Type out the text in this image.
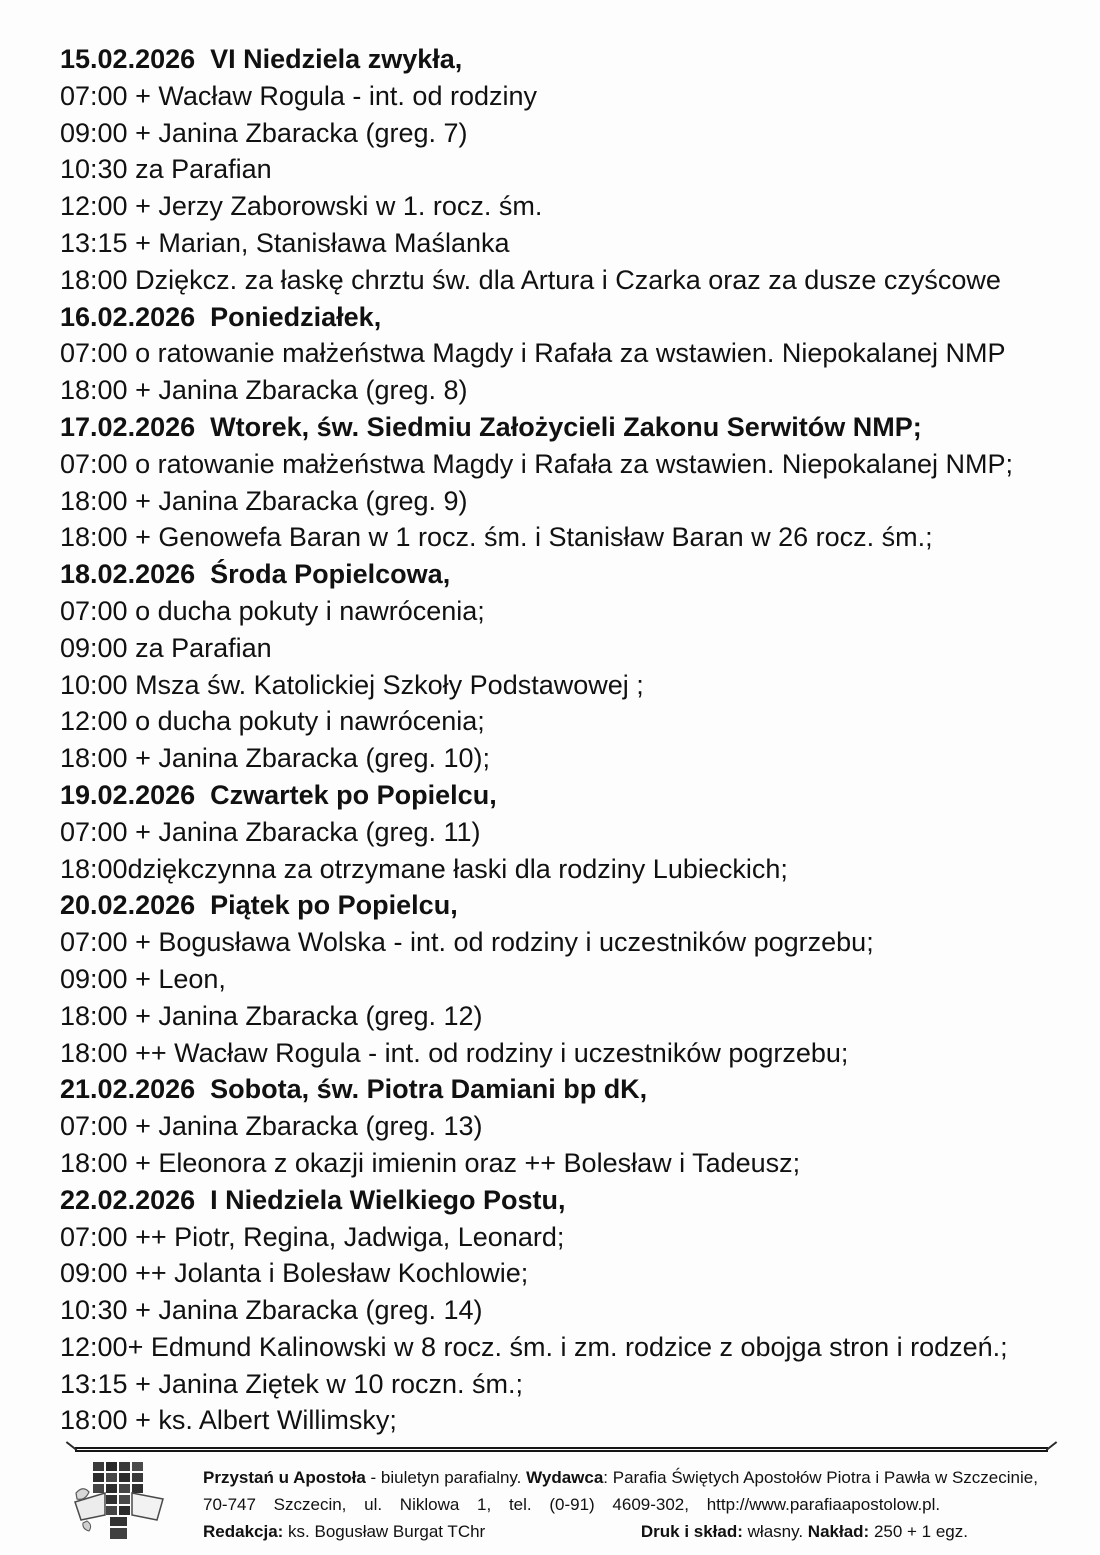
15.02.2026  VI Niedziela zwykła,

07:00 + Wacław Rogula - int. od rodziny

09:00 + Janina Zbaracka (greg. 7)

10:30 za Parafian

12:00 + Jerzy Zaborowski w 1. rocz. śm.

13:15 + Marian, Stanisława Maślanka

18:00 Dziękcz. za łaskę chrztu św. dla Artura i Czarka oraz za dusze czyścowe

16.02.2026  Poniedziałek,

07:00 o ratowanie małżeństwa Magdy i Rafała za wstawien. Niepokalanej NMP

18:00 + Janina Zbaracka (greg. 8)

17.02.2026  Wtorek, św. Siedmiu Założycieli Zakonu Serwitów NMP;

07:00 o ratowanie małżeństwa Magdy i Rafała za wstawien. Niepokalanej NMP;

18:00 + Janina Zbaracka (greg. 9)

18:00 + Genowefa Baran w 1 rocz. śm. i Stanisław Baran w 26 rocz. śm.;

18.02.2026  Środa Popielcowa,

07:00 o ducha pokuty i nawrócenia;

09:00 za Parafian

10:00 Msza św. Katolickiej Szkoły Podstawowej ;

12:00 o ducha pokuty i nawrócenia;

18:00 + Janina Zbaracka (greg. 10);

19.02.2026  Czwartek po Popielcu,

07:00 + Janina Zbaracka (greg. 11)

18:00dziękczynna za otrzymane łaski dla rodziny Lubieckich;

20.02.2026  Piątek po Popielcu,

07:00 + Bogusława Wolska - int. od rodziny i uczestników pogrzebu;

09:00 + Leon,

18:00 + Janina Zbaracka (greg. 12)

18:00 ++ Wacław Rogula - int. od rodziny i uczestników pogrzebu;

21.02.2026  Sobota, św. Piotra Damiani bp dK,

07:00 + Janina Zbaracka (greg. 13)

18:00 + Eleonora z okazji imienin oraz ++ Bolesław i Tadeusz;

22.02.2026  I Niedziela Wielkiego Postu,

07:00 ++ Piotr, Regina, Jadwiga, Leonard;

09:00 ++ Jolanta i Bolesław Kochlowie;

10:30 + Janina Zbaracka (greg. 14)

12:00+ Edmund Kalinowski w 8 rocz. śm. i zm. rodzice z obojga stron i rodzeń.;

13:15 + Janina Ziętek w 10 roczn. śm.;

18:00 + ks. Albert Willimsky;

Przystań u Apostoła - biuletyn parafialny. Wydawca: Parafia Świętych Apostołów Piotra i Pawła w Szczecinie,

70-747 Szczecin, ul. Niklowa 1, tel. (0-91) 4609-302, http://www.parafiaapostolow.pl.

Redakcja: ks. Bogusław Burgat TChr	Druk i skład: własny. Nakład: 250 + 1 egz.
